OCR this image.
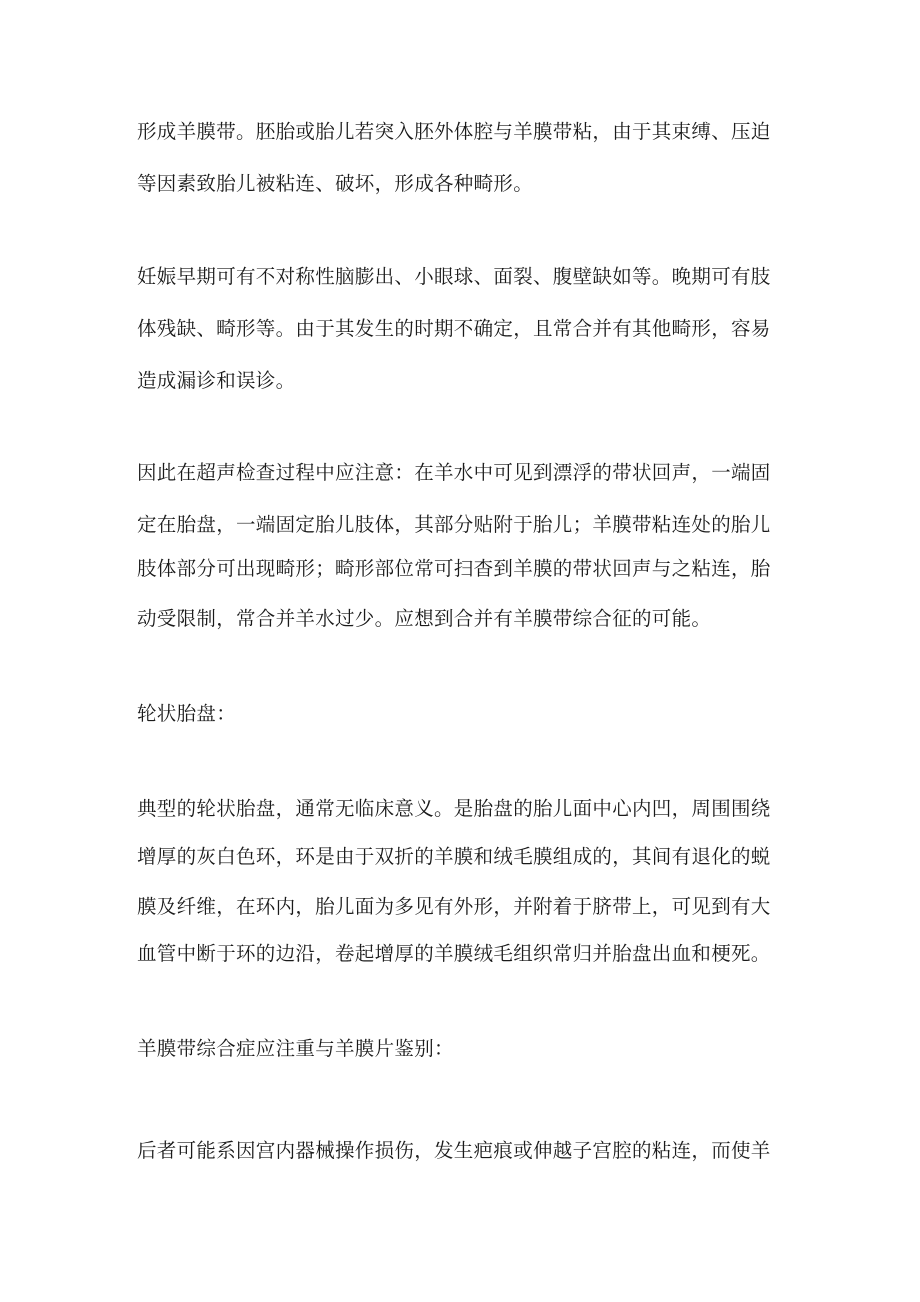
形成羊膜带。胚胎或胎儿若突入胚外体腔与羊膜带粘，由于其束缚、压迫
等因素致胎儿被粘连、破坏，形成各种畸形。
妊娠早期可有不对称性脑膨出、小眼球、面裂、腹壁缺如等。晚期可有肢
体残缺、畸形等。由于其发生的时期不确定，且常合并有其他畸形，容易
造成漏诊和误诊。
因此在超声检查过程中应注意：在羊水中可见到漂浮的带状回声，一端固
定在胎盘，一端固定胎儿肢体，其部分贴附于胎儿；羊膜带粘连处的胎儿
肢体部分可出现畸形；畸形部位常可扫杳到羊膜的带状回声与之粘连，胎
动受限制，常合并羊水过少。应想到合并有羊膜带综合征的可能。
轮状胎盘：
典型的轮状胎盘，通常无临床意义。是胎盘的胎儿面中心内凹，周围围绕
增厚的灰白色环，环是由于双折的羊膜和绒毛膜组成的，其间有退化的蜕
膜及纤维，在环内，胎儿面为多见有外形，并附着于脐带上，可见到有大
血管中断于环的边沿，卷起增厚的羊膜绒毛组织常归并胎盘出血和梗死。
羊膜带综合症应注重与羊膜片鉴别：
后者可能系因宫内器械操作损伤，发生疤痕或伸越子宫腔的粘连，而使羊
